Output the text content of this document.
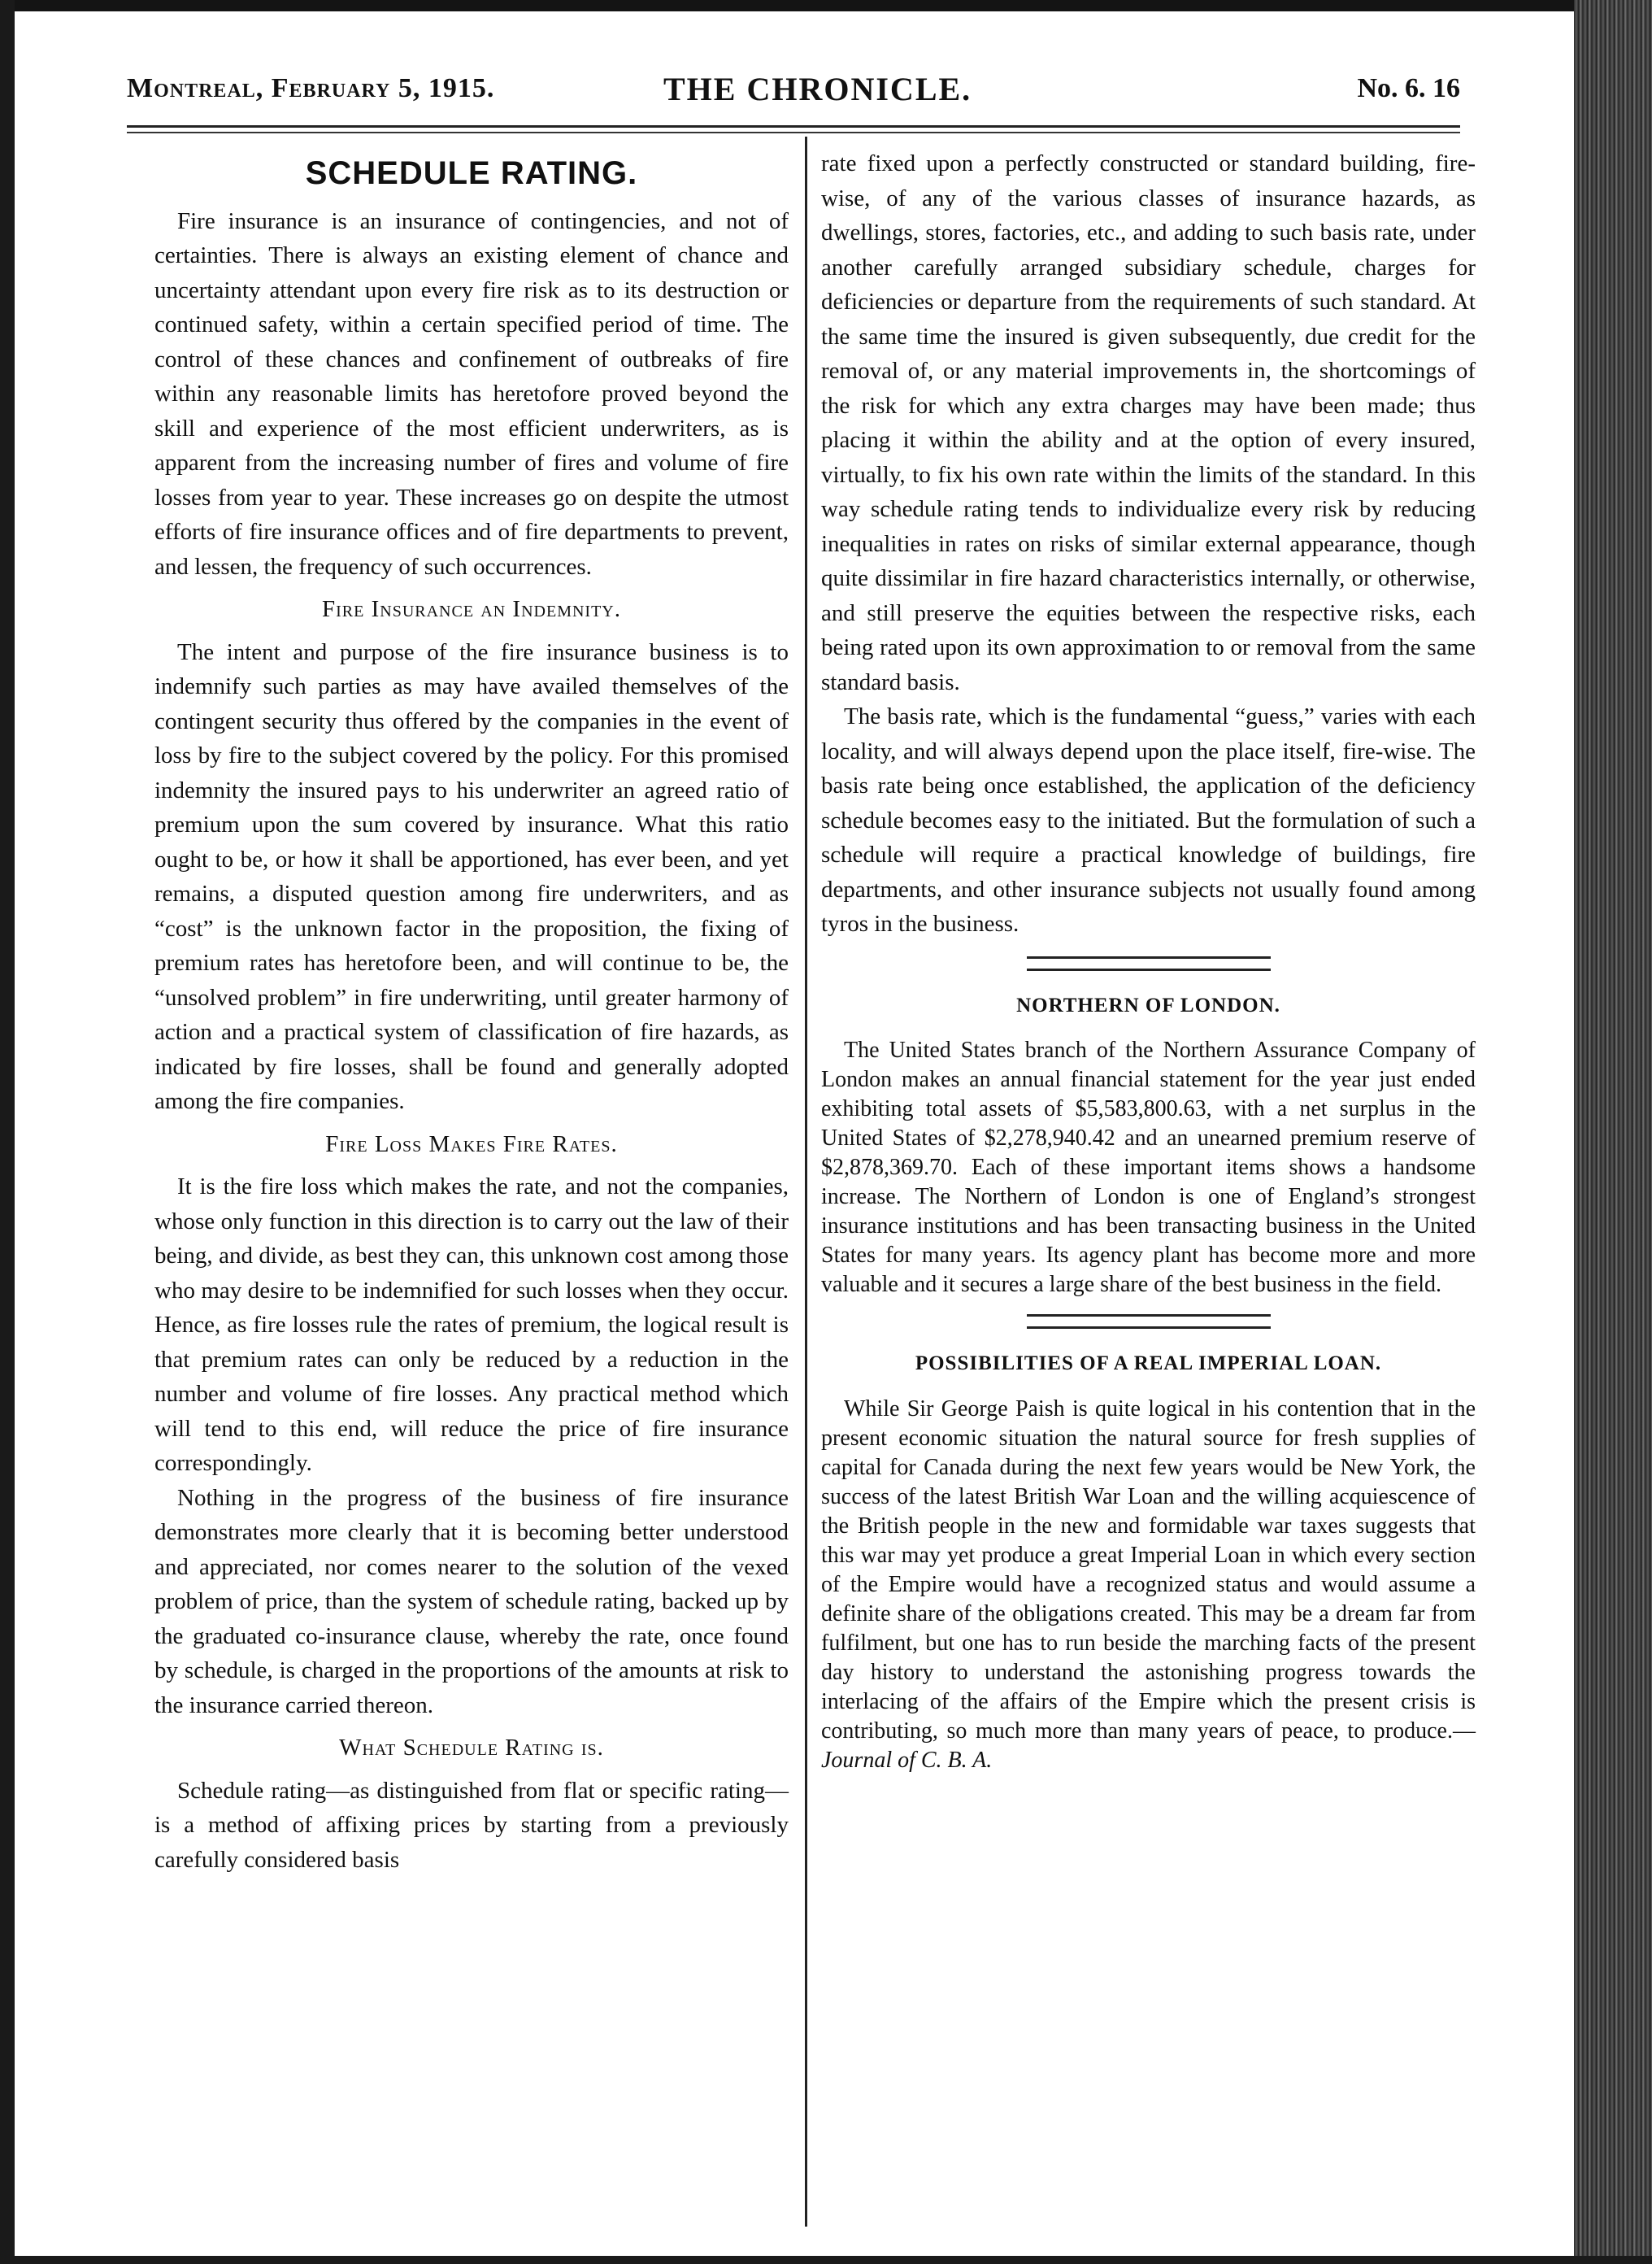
Montreal, February 5, 1915.	THE CHRONICLE.	No. 6. 16
SCHEDULE RATING.

Fire insurance is an insurance of contingencies, and not of certainties. There is always an existing element of chance and uncertainty attendant upon every fire risk as to its destruction or continued safety, within a certain specified period of time. The control of these chances and confinement of outbreaks of fire within any reasonable limits has heretofore proved beyond the skill and experience of the most efficient underwriters, as is apparent from the increasing number of fires and volume of fire losses from year to year. These increases go on despite the utmost efforts of fire insurance offices and of fire departments to prevent, and lessen, the frequency of such occurrences.

Fire Insurance an Indemnity.

The intent and purpose of the fire insurance business is to indemnify such parties as may have availed themselves of the contingent security thus offered by the companies in the event of loss by fire to the subject covered by the policy. For this promised indemnity the insured pays to his underwriter an agreed ratio of premium upon the sum covered by insurance. What this ratio ought to be, or how it shall be apportioned, has ever been, and yet remains, a disputed question among fire underwriters, and as “cost” is the unknown factor in the proposition, the fixing of premium rates has heretofore been, and will continue to be, the “unsolved problem” in fire underwriting, until greater harmony of action and a practical system of classification of fire hazards, as indicated by fire losses, shall be found and generally adopted among the fire companies.

Fire Loss Makes Fire Rates.

It is the fire loss which makes the rate, and not the companies, whose only function in this direction is to carry out the law of their being, and divide, as best they can, this unknown cost among those who may desire to be indemnified for such losses when they occur. Hence, as fire losses rule the rates of premium, the logical result is that premium rates can only be reduced by a reduction in the number and volume of fire losses. Any practical method which will tend to this end, will reduce the price of fire insurance correspondingly.

Nothing in the progress of the business of fire insurance demonstrates more clearly that it is becoming better understood and appreciated, nor comes nearer to the solution of the vexed problem of price, than the system of schedule rating, backed up by the graduated co-insurance clause, whereby the rate, once found by schedule, is charged in the proportions of the amounts at risk to the insurance carried thereon.

What Schedule Rating is.

Schedule rating—as distinguished from flat or specific rating—is a method of affixing prices by starting from a previously carefully considered basis

rate fixed upon a perfectly constructed or standard building, fire-wise, of any of the various classes of insurance hazards, as dwellings, stores, factories, etc., and adding to such basis rate, under another carefully arranged subsidiary schedule, charges for deficiencies or departure from the requirements of such standard. At the same time the insured is given subsequently, due credit for the removal of, or any material improvements in, the shortcomings of the risk for which any extra charges may have been made; thus placing it within the ability and at the option of every insured, virtually, to fix his own rate within the limits of the standard. In this way schedule rating tends to individualize every risk by reducing inequalities in rates on risks of similar external appearance, though quite dissimilar in fire hazard characteristics internally, or otherwise, and still preserve the equities between the respective risks, each being rated upon its own approximation to or removal from the same standard basis.

The basis rate, which is the fundamental “guess,” varies with each locality, and will always depend upon the place itself, fire-wise. The basis rate being once established, the application of the deficiency schedule becomes easy to the initiated. But the formulation of such a schedule will require a practical knowledge of buildings, fire departments, and other insurance subjects not usually found among tyros in the business.

NORTHERN OF LONDON.

The United States branch of the Northern Assurance Company of London makes an annual financial statement for the year just ended exhibiting total assets of $5,583,800.63, with a net surplus in the United States of $2,278,940.42 and an unearned premium reserve of $2,878,369.70. Each of these important items shows a handsome increase. The Northern of London is one of England’s strongest insurance institutions and has been transacting business in the United States for many years. Its agency plant has become more and more valuable and it secures a large share of the best business in the field.

POSSIBILITIES OF A REAL IMPERIAL LOAN.

While Sir George Paish is quite logical in his contention that in the present economic situation the natural source for fresh supplies of capital for Canada during the next few years would be New York, the success of the latest British War Loan and the willing acquiescence of the British people in the new and formidable war taxes suggests that this war may yet produce a great Imperial Loan in which every section of the Empire would have a recognized status and would assume a definite share of the obligations created. This may be a dream far from fulfilment, but one has to run beside the marching facts of the present day history to understand the astonishing progress towards the interlacing of the affairs of the Empire which the present crisis is contributing, so much more than many years of peace, to produce.— Journal of C. B. A.
